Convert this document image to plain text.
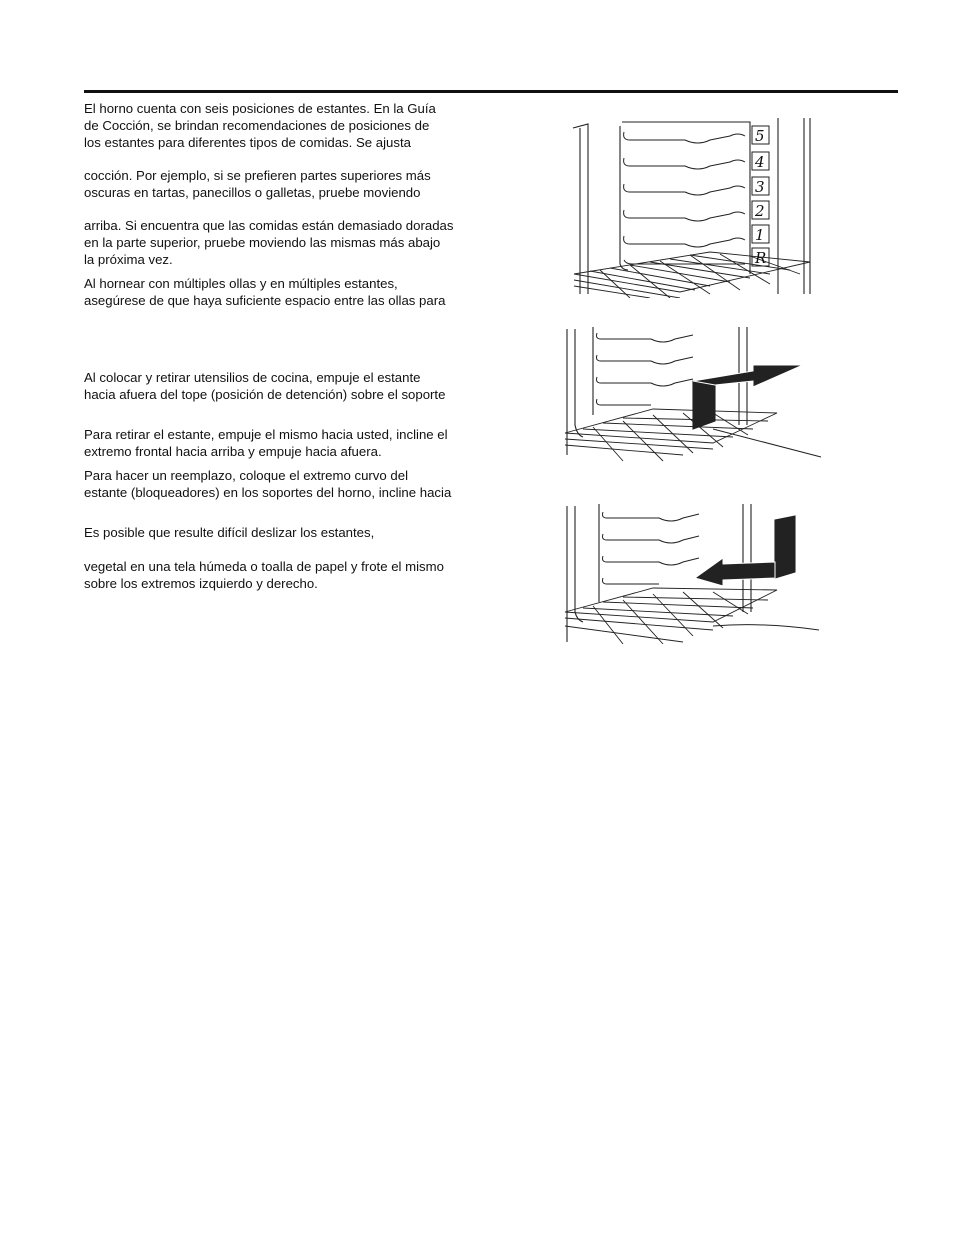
El horno cuenta con seis posiciones de estantes. En la Guía
de Cocción, se brindan recomendaciones de posiciones de
los estantes para diferentes tipos de comidas. Se ajusta
cocción. Por ejemplo, si se prefieren partes superiores más
oscuras en tartas, panecillos o galletas, pruebe moviendo
arriba. Si encuentra que las comidas están demasiado doradas
en la parte superior, pruebe moviendo las mismas más abajo
la próxima vez.
Al hornear con múltiples ollas y en múltiples estantes,
asegúrese de que haya suficiente espacio entre las ollas para
Al colocar y retirar utensilios de cocina, empuje el estante
hacia afuera del tope (posición de detención) sobre el soporte
Para retirar el estante, empuje el mismo hacia usted, incline el
extremo frontal hacia arriba y empuje hacia afuera.
Para hacer un reemplazo, coloque el extremo curvo del
estante (bloqueadores) en los soportes del horno, incline hacia
Es posible que resulte difícil deslizar los estantes,
vegetal en una tela húmeda o toalla de papel y frote el mismo
sobre los extremos izquierdo y derecho.
5
4
3
2
1
R
